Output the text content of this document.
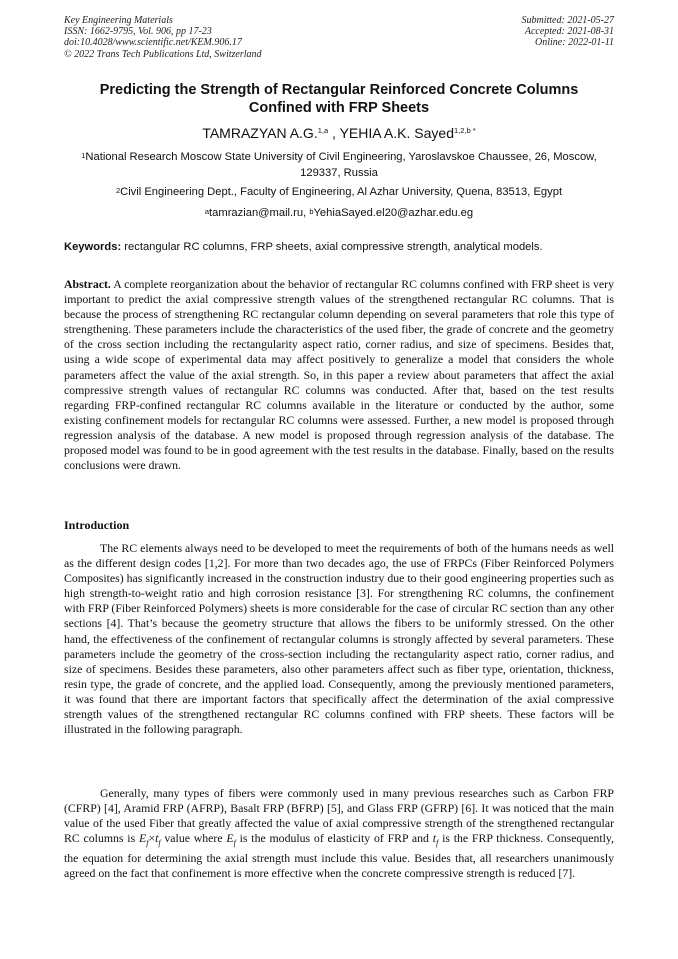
Key Engineering Materials
ISSN: 1662-9795, Vol. 906, pp 17-23
doi:10.4028/www.scientific.net/KEM.906.17
© 2022 Trans Tech Publications Ltd, Switzerland
Submitted: 2021-05-27
Accepted: 2021-08-31
Online: 2022-01-11
Predicting the Strength of Rectangular Reinforced Concrete Columns
Confined with FRP Sheets
TAMRAZYAN A.G.$^{1,a}$ , YEHIA A.K. Sayed$^{1,2,b *}$
$^1$National Research Moscow State University of Civil Engineering, Yaroslavskoe Chaussee, 26, Moscow, 129337, Russia
$^2$Civil Engineering Dept., Faculty of Engineering, Al Azhar University, Quena, 83513, Egypt
$^a$tamrazian@mail.ru, $^b$YehiaSayed.el20@azhar.edu.eg
Keywords: rectangular RC columns, FRP sheets, axial compressive strength, analytical models.
Abstract. A complete reorganization about the behavior of rectangular RC columns confined with FRP sheet is very important to predict the axial compressive strength values of the strengthened rectangular RC columns. That is because the process of strengthening RC rectangular column depending on several parameters that role this type of strengthening. These parameters include the characteristics of the used fiber, the grade of concrete and the geometry of the cross section including the rectangularity aspect ratio, corner radius, and size of specimens. Besides that, using a wide scope of experimental data may affect positively to generalize a model that considers the whole parameters affect the value of the axial strength. So, in this paper a review about parameters that affect the axial compressive strength values of rectangular RC columns was conducted. After that, based on the test results regarding FRP-confined rectangular RC columns available in the literature or conducted by the author, some existing confinement models for rectangular RC columns were assessed. Further, a new model is proposed through regression analysis of the database. A new model is proposed through regression analysis of the database. The proposed model was found to be in good agreement with the test results in the database. Finally, based on the results conclusions were drawn.
Introduction
The RC elements always need to be developed to meet the requirements of both of the humans needs as well as the different design codes [1,2]. For more than two decades ago, the use of FRPCs (Fiber Reinforced Polymers Composites) has significantly increased in the construction industry due to their good engineering properties such as high strength-to-weight ratio and high corrosion resistance [3]. For strengthening RC columns, the confinement with FRP (Fiber Reinforced Polymers) sheets is more considerable for the case of circular RC section than any other sections [4]. That’s because the geometry structure that allows the fibers to be uniformly stressed. On the other hand, the effectiveness of the confinement of rectangular columns is strongly affected by several parameters. These parameters include the geometry of the cross-section including the rectangularity aspect ratio, corner radius, and size of specimens. Besides these parameters, also other parameters affect such as fiber type, orientation, thickness, resin type, the grade of concrete, and the applied load. Consequently, among the previously mentioned parameters, it was found that there are important factors that specifically affect the determination of the axial compressive strength values of the strengthened rectangular RC columns confined with FRP sheets. These factors will be illustrated in the following paragraph.
Generally, many types of fibers were commonly used in many previous researches such as Carbon FRP (CFRP) [4], Aramid FRP (AFRP), Basalt FRP (BFRP) [5], and Glass FRP (GFRP) [6]. It was noticed that the main value of the used Fiber that greatly affected the value of axial compressive strength of the strengthened rectangular RC columns is $E_f\times t_f$ value where $E_f$ is the modulus of elasticity of FRP and $t_f$ is the FRP thickness. Consequently, the equation for determining the axial strength must include this value. Besides that, all researchers unanimously agreed on the fact that confinement is more effective when the concrete compressive strength is reduced [7].
